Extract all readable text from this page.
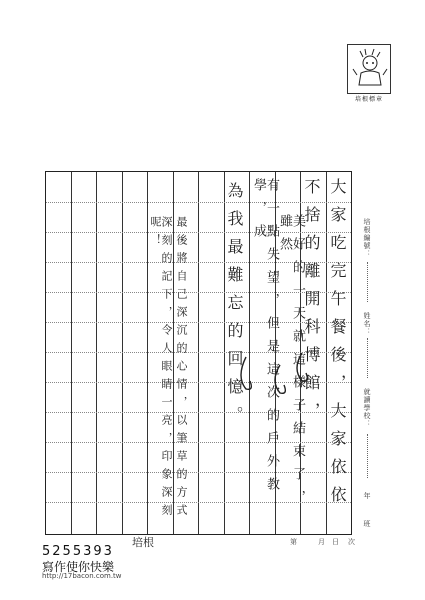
培根標章
大家吃完午餐後，大家依依
不捨的離開科博館，
美好的一天就這樣子結束了，雖然
有一點失望，但是這次的戶外教學，成
為我最難忘的回憶。
最後將自己深沉的心情，以筆草的方式
深刻的記下，令人眼睛一亮，印象深刻呢！	培根編號：
姓名：
就讀學校：
年
班
第	月 日 次
培根
5255393
寫作使你快樂
http://17bacon.com.tw
